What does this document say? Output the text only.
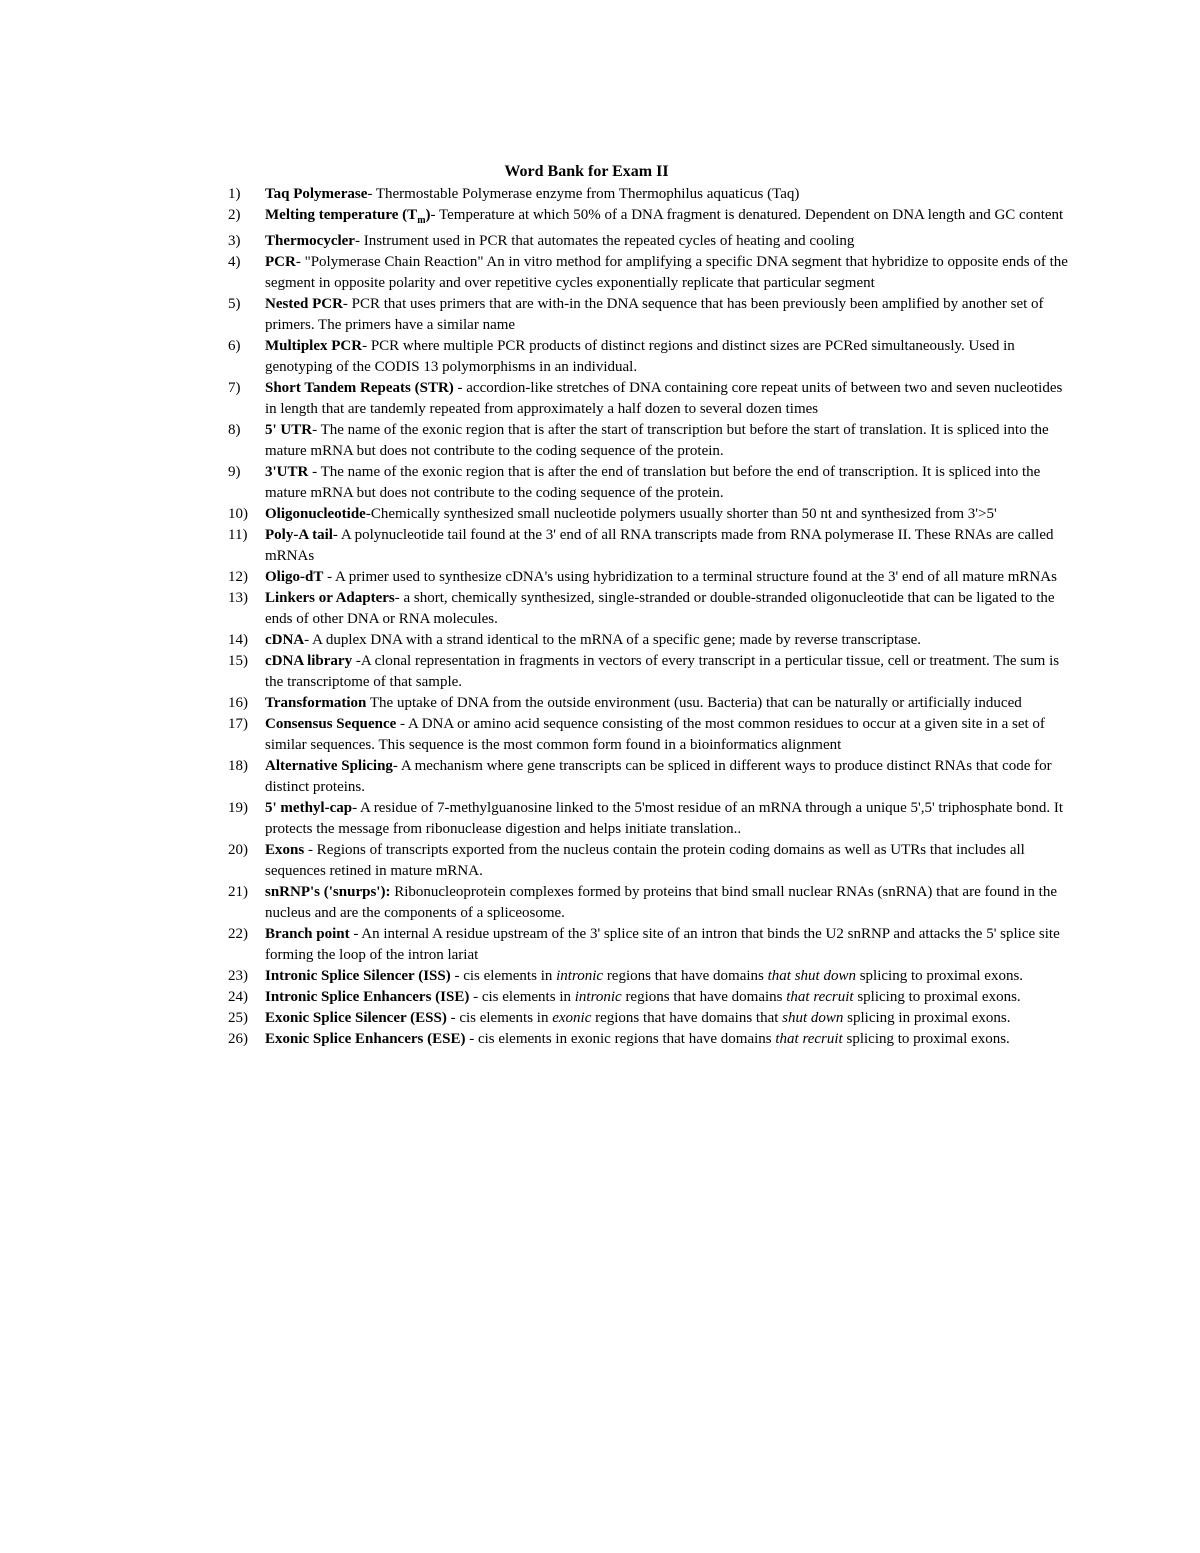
Word Bank for Exam II
1) Taq Polymerase- Thermostable Polymerase enzyme from Thermophilus aquaticus (Taq)
2) Melting temperature $(T_m)-$ Temperature at which 50% of a DNA fragment is denatured. Dependent on DNA length and GC content
3) Thermocycler- Instrument used in PCR that automates the repeated cycles of heating and cooling
4) PCR- "Polymerase Chain Reaction" An in vitro method for amplifying a specific DNA segment that hybridize to opposite ends of the segment in opposite polarity and over repetitive cycles exponentially replicate that particular segment
5) Nested PCR- PCR that uses primers that are with-in the DNA sequence that has been previously been amplified by another set of primers. The primers have a similar name
6) Multiplex PCR- PCR where multiple PCR products of distinct regions and distinct sizes are PCRed simultaneously. Used in genotyping of the CODIS 13 polymorphisms in an individual.
7) Short Tandem Repeats (STR) - accordion-like stretches of DNA containing core repeat units of between two and seven nucleotides in length that are tandemly repeated from approximately a half dozen to several dozen times
8) 5' UTR- The name of the exonic region that is after the start of transcription but before the start of translation. It is spliced into the mature mRNA but does not contribute to the coding sequence of the protein.
9) 3'UTR - The name of the exonic region that is after the end of translation but before the end of transcription. It is spliced into the mature mRNA but does not contribute to the coding sequence of the protein.
10) Oligonucleotide-Chemically synthesized small nucleotide polymers usually shorter than 50 nt and synthesized from 3'>5'
11) Poly-A tail- A polynucleotide tail found at the 3' end of all RNA transcripts made from RNA polymerase II. These RNAs are called mRNAs
12) Oligo-dT - A primer used to synthesize cDNA's using hybridization to a terminal structure found at the 3' end of all mature mRNAs
13) Linkers or Adapters- a short, chemically synthesized, single-stranded or double-stranded oligonucleotide that can be ligated to the ends of other DNA or RNA molecules.
14) cDNA- A duplex DNA with a strand identical to the mRNA of a specific gene; made by reverse transcriptase.
15) cDNA library -A clonal representation in fragments in vectors of every transcript in a perticular tissue, cell or treatment. The sum is the transcriptome of that sample.
16) Transformation The uptake of DNA from the outside environment (usu. Bacteria) that can be naturally or artificially induced
17) Consensus Sequence - A DNA or amino acid sequence consisting of the most common residues to occur at a given site in a set of similar sequences. This sequence is the most common form found in a bioinformatics alignment
18) Alternative Splicing- A mechanism where gene transcripts can be spliced in different ways to produce distinct RNAs that code for distinct proteins.
19) 5' methyl-cap- A residue of 7-methylguanosine linked to the 5'most residue of an mRNA through a unique 5',5' triphosphate bond. It protects the message from ribonuclease digestion and helps initiate translation..
20) Exons - Regions of transcripts exported from the nucleus contain the protein coding domains as well as UTRs that includes all sequences retined in mature mRNA.
21) snRNP's ('snurps'): Ribonucleoprotein complexes formed by proteins that bind small nuclear RNAs (snRNA) that are found in the nucleus and are the components of a spliceosome.
22) Branch point - An internal A residue upstream of the 3' splice site of an intron that binds the U2 snRNP and attacks the 5' splice site forming the loop of the intron lariat
23) Intronic Splice Silencer (ISS) - cis elements in intronic regions that have domains that shut down splicing to proximal exons.
24) Intronic Splice Enhancers (ISE) - cis elements in intronic regions that have domains that recruit splicing to proximal exons.
25) Exonic Splice Silencer (ESS) - cis elements in exonic regions that have domains that shut down splicing in proximal exons.
26) Exonic Splice Enhancers (ESE) - cis elements in exonic regions that have domains that recruit splicing to proximal exons.
